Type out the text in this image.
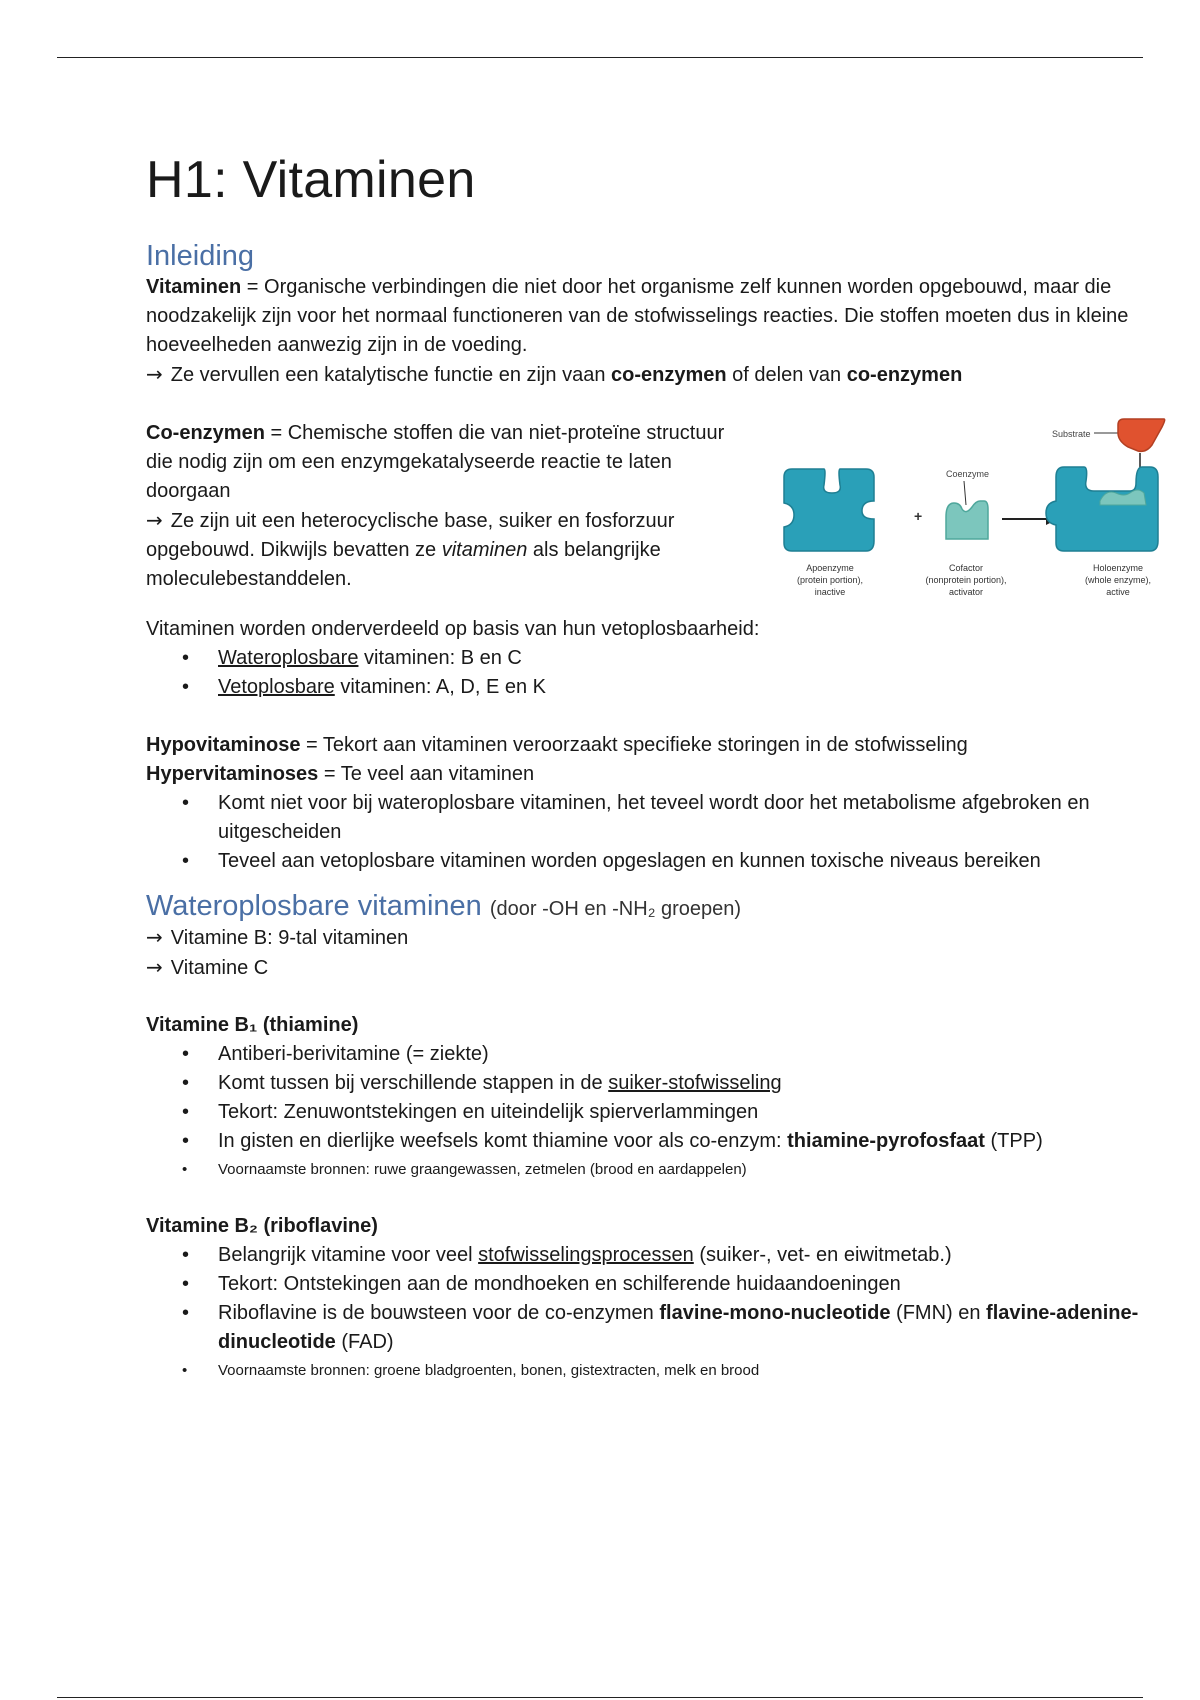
H1: Vitaminen
Inleiding

Vitaminen = Organische verbindingen die niet door het organisme zelf kunnen worden opgebouwd, maar die noodzakelijk zijn voor het normaal functioneren van de stofwisselings reacties. Die stoffen moeten dus in kleine hoeveelheden aanwezig zijn in de voeding.

→ Ze vervullen een katalytische functie en zijn vaan co-enzymen of delen van co-enzymen

Co-enzymen = Chemische stoffen die van niet-proteïne structuur die nodig zijn om een enzymgekatalyseerde reactie te laten doorgaan

→ Ze zijn uit een heterocyclische base, suiker en fosforzuur opgebouwd. Dikwijls bevatten ze vitaminen als belangrijke moleculebestanddelen.

+
Coenzyme
Substrate
Apoenzyme
(protein portion),
inactive
Cofactor
(nonprotein portion),
activator
Holoenzyme
(whole enzyme),
active

Vitaminen worden onderverdeeld op basis van hun vetoplosbaarheid:

• Wateroplosbare vitaminen: B en C
• Vetoplosbare vitaminen: A, D, E en K

Hypovitaminose = Tekort aan vitaminen veroorzaakt specifieke storingen in de stofwisseling

Hypervitaminoses = Te veel aan vitaminen

• Komt niet voor bij wateroplosbare vitaminen, het teveel wordt door het metabolisme afgebroken en uitgescheiden
• Teveel aan vetoplosbare vitaminen worden opgeslagen en kunnen toxische niveaus bereiken
Wateroplosbare vitaminen (door -OH en -NH₂ groepen)
→ Vitamine B: 9-tal vitaminen
→ Vitamine C

Vitamine B₁ (thiamine)

• Antiberi-berivitamine (= ziekte)
• Komt tussen bij verschillende stappen in de suiker-stofwisseling
• Tekort: Zenuwontstekingen en uiteindelijk spierverlammingen
• In gisten en dierlijke weefsels komt thiamine voor als co-enzym: thiamine-pyrofosfaat (TPP)
• Voornaamste bronnen: ruwe graangewassen, zetmelen (brood en aardappelen)

Vitamine B₂ (riboflavine)

• Belangrijk vitamine voor veel stofwisselingsprocessen (suiker-, vet- en eiwitmetab.)
• Tekort: Ontstekingen aan de mondhoeken en schilferende huidaandoeningen
• Riboflavine is de bouwsteen voor de co-enzymen flavine-mono-nucleotide (FMN) en flavine-adenine-dinucleotide (FAD)
• Voornaamste bronnen: groene bladgroenten, bonen, gistextracten, melk en brood
